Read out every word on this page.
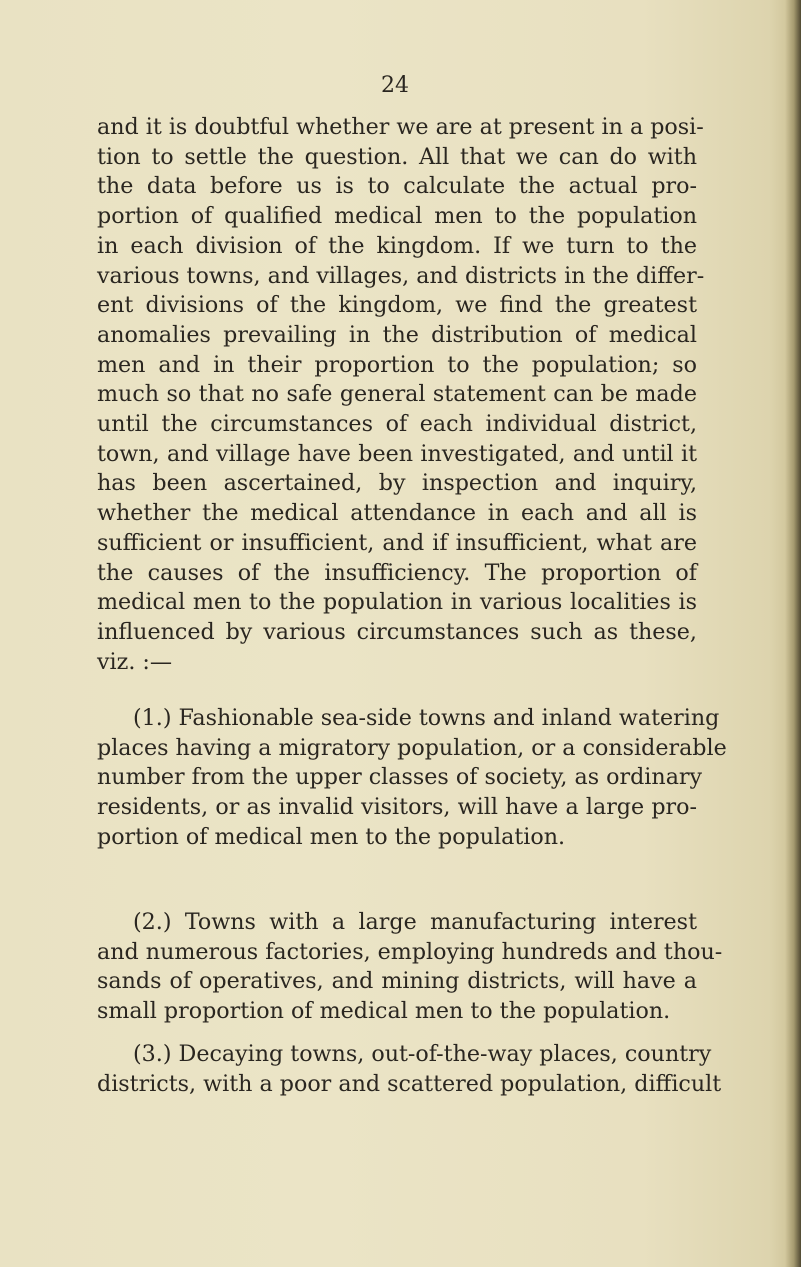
24
and it is doubtful whether we are at present in a posi-
tion to settle the question. All that we can do with
the data before us is to calculate the actual pro-
portion of qualified medical men to the population
in each division of the kingdom. If we turn to the
various towns, and villages, and districts in the differ-
ent divisions of the kingdom, we find the greatest
anomalies prevailing in the distribution of medical
men and in their proportion to the population; so
much so that no safe general statement can be made
until the circumstances of each individual district,
town, and village have been investigated, and until it
has been ascertained, by inspection and inquiry,
whether the medical attendance in each and all is
sufficient or insufficient, and if insufficient, what are
the causes of the insufficiency. The proportion of
medical men to the population in various localities is
influenced by various circumstances such as these,
viz. :—
(1.) Fashionable sea-side towns and inland watering
places having a migratory population, or a considerable
number from the upper classes of society, as ordinary
residents, or as invalid visitors, will have a large pro-
portion of medical men to the population.
(2.) Towns with a large manufacturing interest
and numerous factories, employing hundreds and thou-
sands of operatives, and mining districts, will have a
small proportion of medical men to the population.
(3.) Decaying towns, out-of-the-way places, country
districts, with a poor and scattered population, difficult
